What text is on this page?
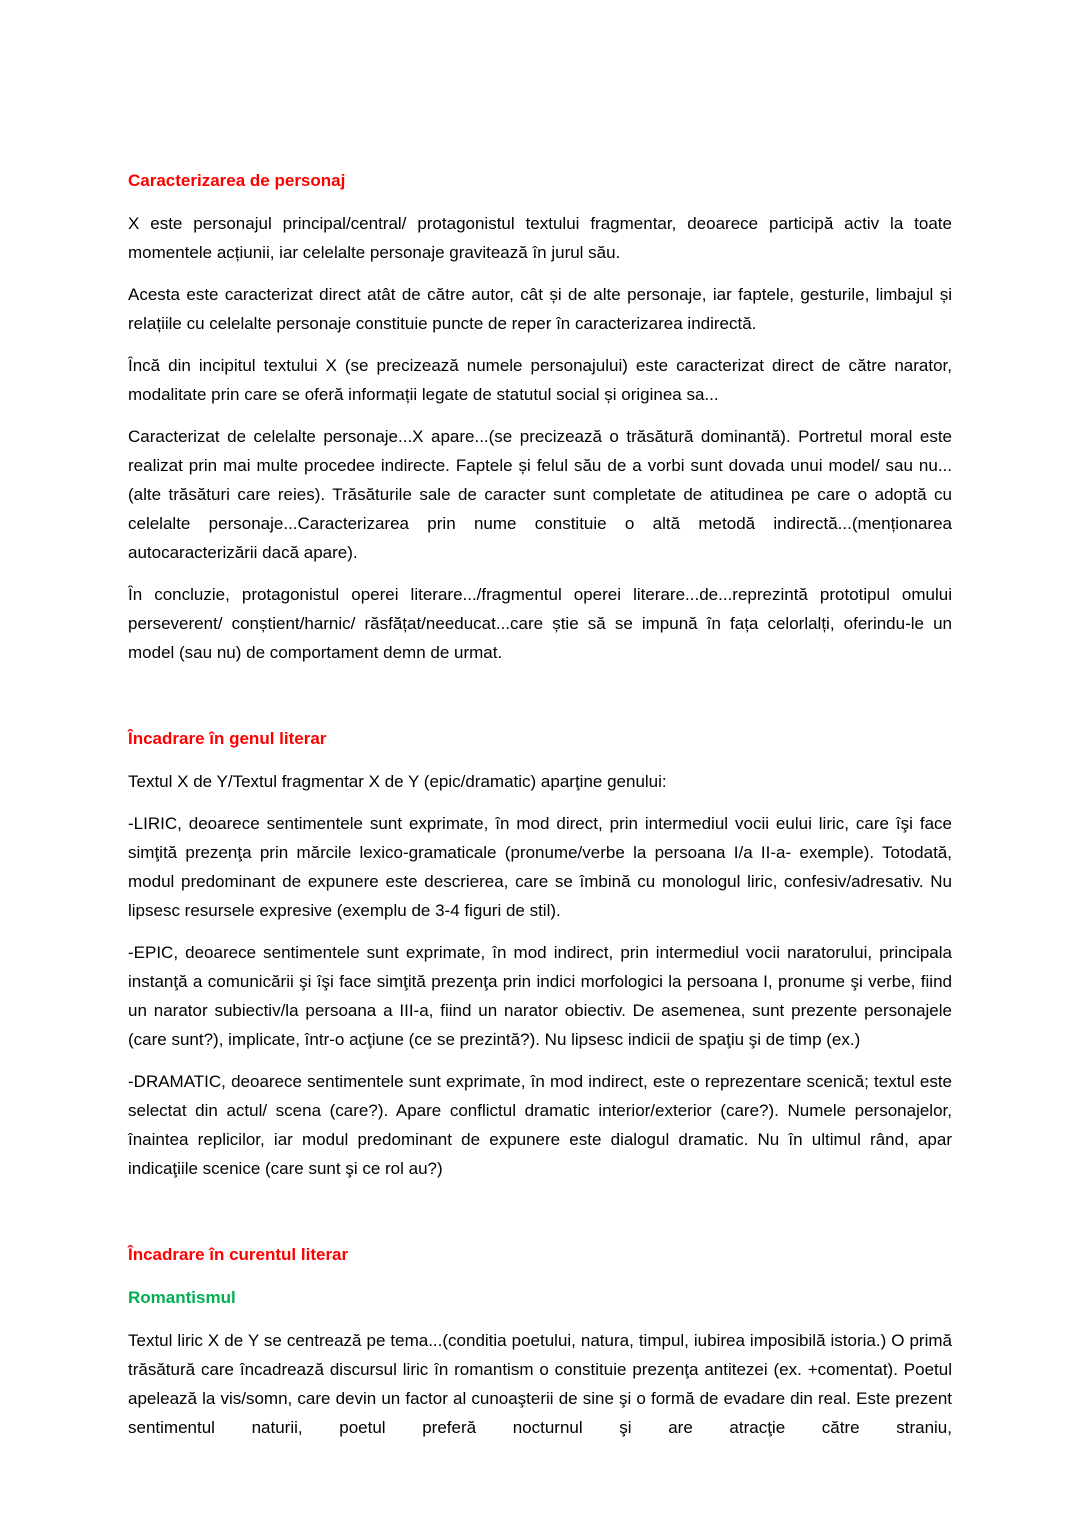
Caracterizarea de personaj

X este personajul principal/central/ protagonistul textului fragmentar, deoarece participă activ la toate momentele acțiunii, iar celelalte personaje gravitează în jurul său.

Acesta este caracterizat direct atât de către autor, cât și de alte personaje, iar faptele, gesturile, limbajul și relațiile cu celelalte personaje constituie puncte de reper în caracterizarea indirectă.

Încă din incipitul textului X (se precizează numele personajului) este caracterizat direct de către narator, modalitate prin care se oferă informații legate de statutul social și originea sa...

Caracterizat de celelalte personaje...X apare...(se precizează o trăsătură dominantă). Portretul moral este realizat prin mai multe procedee indirecte. Faptele și felul său de a vorbi sunt dovada unui model/ sau nu...(alte trăsături care reies). Trăsăturile sale de caracter sunt completate de atitudinea pe care o adoptă cu celelalte personaje...Caracterizarea prin nume constituie o altă metodă indirectă...(menționarea autocaracterizării dacă apare).

În concluzie, protagonistul operei literare.../fragmentul operei literare...de...reprezintă prototipul omului perseverent/ conștient/harnic/ răsfățat/needucat...care știe să se impună în fața celorlalți, oferindu-le un model (sau nu) de comportament demn de urmat.

Încadrare în genul literar

Textul X de Y/Textul fragmentar X de Y (epic/dramatic) aparţine genului:

-LIRIC, deoarece sentimentele sunt exprimate, în mod direct, prin intermediul vocii eului liric, care îşi face simţită prezenţa prin mărcile lexico-gramaticale (pronume/verbe la persoana I/a II-a- exemple). Totodată, modul predominant de expunere este descrierea, care se îmbină cu monologul liric, confesiv/adresativ. Nu lipsesc resursele expresive (exemplu de 3-4 figuri de stil).

-EPIC, deoarece sentimentele sunt exprimate, în mod indirect, prin intermediul vocii naratorului, principala instanţă a comunicării şi îşi face simţită prezenţa prin indici morfologici la persoana I, pronume şi verbe, fiind un narator subiectiv/la persoana a III-a, fiind un narator obiectiv. De asemenea, sunt prezente personajele (care sunt?), implicate, într-o acţiune (ce se prezintă?). Nu lipsesc indicii de spaţiu şi de timp (ex.)

-DRAMATIC, deoarece sentimentele sunt exprimate, în mod indirect, este o reprezentare scenică; textul este selectat din actul/ scena (care?). Apare conflictul dramatic interior/exterior (care?). Numele personajelor, înaintea replicilor, iar modul predominant de expunere este dialogul dramatic. Nu în ultimul rând, apar indicaţiile scenice (care sunt şi ce rol au?)

Încadrare în curentul literar
Romantismul

Textul liric X de Y se centrează pe tema...(conditia poetului, natura, timpul, iubirea imposibilă istoria.) O primă trăsătură care încadrează discursul liric în romantism o constituie prezenţa antitezei (ex. +comentat). Poetul apelează la vis/somn, care devin un factor al cunoaşterii de sine şi o formă de evadare din real. Este prezent sentimentul naturii, poetul preferă nocturnul şi are atracţie către straniu,
